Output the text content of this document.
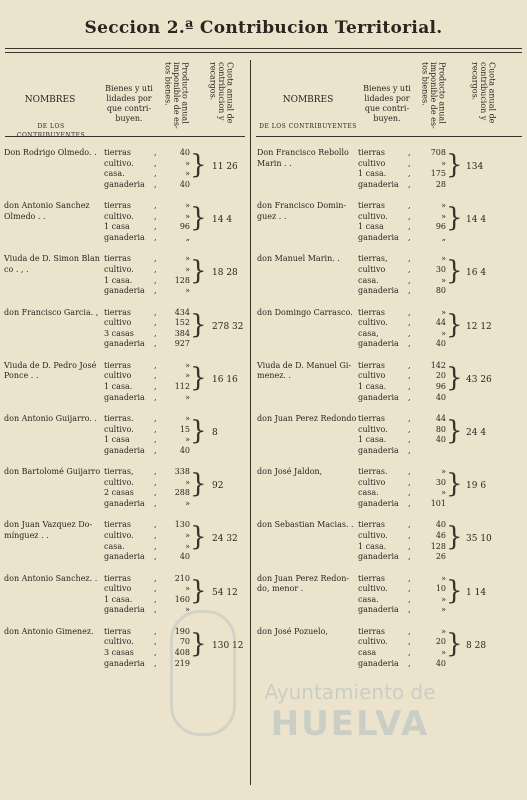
Seccion 2.ª Contribucion Territorial.
NOMBRES
DE LOS CONTRIBUYENTES
Bienes y uti lidades por que contri- buyen.	Producto anual imponible de es- tos bienes.	Cuota anual de contribucion y recargos.	NOMBRES
DE LOS CONTRIBUYENTES
Bienes y uti lidades por que contri- buyen.	Producto anual imponible de es- tos bienes.	Cuota anual de contribucion y recargos.
Don Rodrigo Olmedo. . tierras	,	40
cultivo.	,	»
casa.	,	»
ganaderia	,	40
} 11 26
don Antonio Sanchez
Olmedo . .
tierras	,	»
cultivo.	,	»
1 casa	,	96
ganaderia	,	„
} 14 4
Viuda de D. Simon Blan
co . , .
tierras	,	»
cultivo.	,	»
1 casa.	,	128
ganaderia	,	»
} 18 28
don Francisco Garcia. , tierras	,	434
cultivo	,	152
3 casas	,	384
ganaderia	,	927
} 278 32
Viuda de D. Pedro José
Ponce . .
tierras	,	»
cultivo	,	»
1 casa.	,	112
ganaderia	,	»
} 16 16
don Antonio Guijarro. . tierras.	,	»
cultivo.	,	15
1 casa	,	»
ganaderia	,	40
} 8
don Bartolomé Guijarro tierras,	,	338
cultivo.	,	»
2 casas	,	288
ganaderia	,	»
} 92
don Juan Vazquez Do-
mínguez . .
tierras	,	130
cultivo.	,	»
casa.	,	»
ganaderia	,	40
} 24 32
don Antonio Sanchez. . tierras	,	210
cultivo	,	»
1 casa.	,	160
ganaderia	,	»
} 54 12
don Antonio Gimenez.	tierras	,	190
cultivo.	,	70
3 casas	,	408
ganaderia	,	219
} 130 12
Don Francisco Rebollo
Marin . .
tierras	,	708
cultivo	,	»
1 casa.	,	175
ganaderia	,	28
} 134
don Francisco Domin-
guez . .
tierras	,	»
cultivo.	,	»
1 casa	,	96
ganaderia	,	„
} 14 4
don Manuel Marin. .	tierras,	,	»
cultivo	,	30
casa.	,	»
ganaderia	,	80
} 16 4
don Domingo Carrasco. tierras	,	»
cultivo.	,	44
casa,	,	»
ganaderia	,	40
} 12 12
Viuda de D. Manuel Gi-
menez. .
tierras	,	142
cultivo	,	20
1 casa.	,	96
ganaderia	,	40
} 43 26
don Juan Perez Redondo tierras	,	44
cultivo.	,	80
1 casa.	,	40
ganaderia	,
} 24 4
don José Jaldon,	tierras.	,	»
cultivo	,	30
casa.	,	»
ganaderia	,	101
} 19 6
don Sebastian Macias. . tierras	,	40
cultivo.	,	46
1 casa.	,	128
ganaderia	,	26
} 35 10
don Juan Perez Redon-
do, menor .
tierras	,	»
cultivo.	,	10
casa.	,	»
ganaderia	,	»
} 1 14
don José Pozuelo,	tierras	,	»
cultivo.	,	20
casa	,	»
ganaderia	,	40
} 8 28
Ayuntamiento de
HUELVA
